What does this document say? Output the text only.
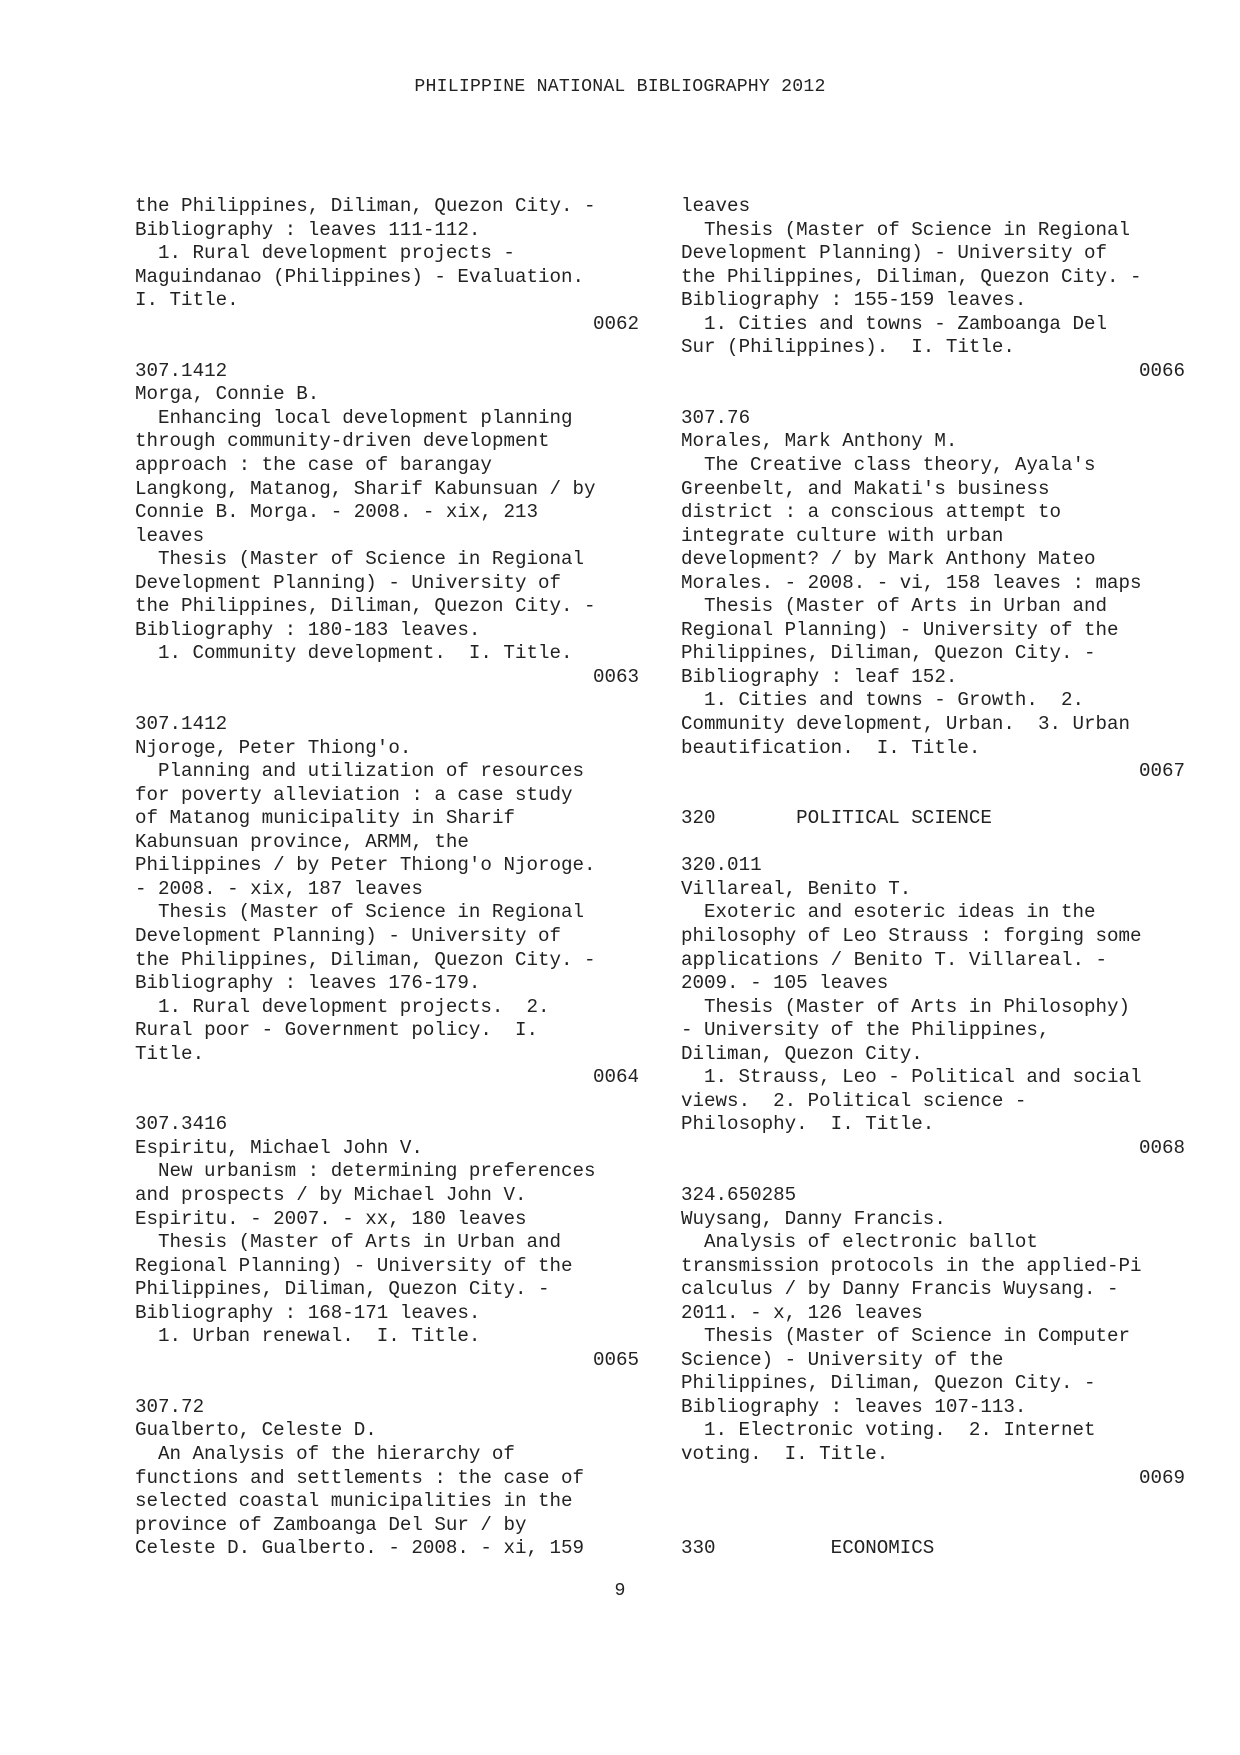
PHILIPPINE NATIONAL BIBLIOGRAPHY 2012
the Philippines, Diliman, Quezon City. -
Bibliography : leaves 111-112.
1. Rural development projects -
Maguindanao (Philippines) - Evaluation.
I. Title.
0062
307.1412
Morga, Connie B.
Enhancing local development planning
through community-driven development
approach : the case of barangay
Langkong, Matanog, Sharif Kabunsuan / by
Connie B. Morga. - 2008. - xix, 213
leaves
Thesis (Master of Science in Regional
Development Planning) - University of
the Philippines, Diliman, Quezon City. -
Bibliography : 180-183 leaves.
1. Community development.  I. Title.
0063
307.1412
Njoroge, Peter Thiong'o.
Planning and utilization of resources
for poverty alleviation : a case study
of Matanog municipality in Sharif
Kabunsuan province, ARMM, the
Philippines / by Peter Thiong'o Njoroge.
- 2008. - xix, 187 leaves
Thesis (Master of Science in Regional
Development Planning) - University of
the Philippines, Diliman, Quezon City. -
Bibliography : leaves 176-179.
1. Rural development projects.  2.
Rural poor - Government policy.  I.
Title.
0064
307.3416
Espiritu, Michael John V.
New urbanism : determining preferences
and prospects / by Michael John V.
Espiritu. - 2007. - xx, 180 leaves
Thesis (Master of Arts in Urban and
Regional Planning) - University of the
Philippines, Diliman, Quezon City. -
Bibliography : 168-171 leaves.
1. Urban renewal.  I. Title.
0065
307.72
Gualberto, Celeste D.
An Analysis of the hierarchy of
functions and settlements : the case of
selected coastal municipalities in the
province of Zamboanga Del Sur / by
Celeste D. Gualberto. - 2008. - xi, 159
leaves
Thesis (Master of Science in Regional
Development Planning) - University of
the Philippines, Diliman, Quezon City. -
Bibliography : 155-159 leaves.
1. Cities and towns - Zamboanga Del
Sur (Philippines).  I. Title.
0066
307.76
Morales, Mark Anthony M.
The Creative class theory, Ayala's
Greenbelt, and Makati's business
district : a conscious attempt to
integrate culture with urban
development? / by Mark Anthony Mateo
Morales. - 2008. - vi, 158 leaves : maps
Thesis (Master of Arts in Urban and
Regional Planning) - University of the
Philippines, Diliman, Quezon City. -
Bibliography : leaf 152.
1. Cities and towns - Growth.  2.
Community development, Urban.  3. Urban
beautification.  I. Title.
0067
320       POLITICAL SCIENCE
320.011
Villareal, Benito T.
Exoteric and esoteric ideas in the
philosophy of Leo Strauss : forging some
applications / Benito T. Villareal. -
2009. - 105 leaves
Thesis (Master of Arts in Philosophy)
- University of the Philippines,
Diliman, Quezon City.
1. Strauss, Leo - Political and social
views.  2. Political science -
Philosophy.  I. Title.
0068
324.650285
Wuysang, Danny Francis.
Analysis of electronic ballot
transmission protocols in the applied-Pi
calculus / by Danny Francis Wuysang. -
2011. - x, 126 leaves
Thesis (Master of Science in Computer
Science) - University of the
Philippines, Diliman, Quezon City. -
Bibliography : leaves 107-113.
1. Electronic voting.  2. Internet
voting.  I. Title.
0069
330          ECONOMICS
9
